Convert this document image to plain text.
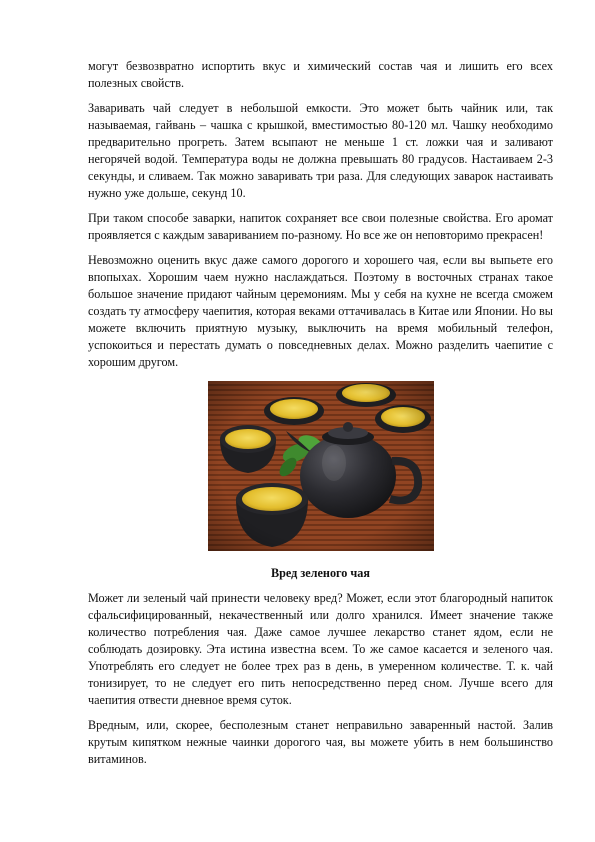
могут безвозвратно испортить вкус и химический состав чая и лишить его всех полезных свойств.

Заваривать чай следует в небольшой емкости. Это может быть чайник или, так называемая, гайвань – чашка с крышкой, вместимостью 80-120 мл. Чашку необходимо предварительно прогреть. Затем всыпают не меньше 1 ст. ложки чая и заливают негорячей водой. Температура воды не должна превышать 80 градусов. Настаиваем 2-3 секунды, и сливаем. Так можно заваривать три раза. Для следующих заварок настаивать нужно уже дольше, секунд 10.

При таком способе заварки, напиток сохраняет все свои полезные свойства. Его аромат проявляется с каждым завариванием по-разному. Но все же он неповторимо прекрасен!

Невозможно оценить вкус даже самого дорогого и хорошего чая, если вы выпьете его впопыхах. Хорошим чаем нужно наслаждаться. Поэтому в восточных странах такое большое значение придают чайным церемониям. Мы у себя на кухне не всегда сможем создать ту атмосферу чаепития, которая веками оттачивалась в Китае или Японии. Но вы можете включить приятную музыку, выключить на время мобильный телефон, успокоиться и перестать думать о повседневных делах. Можно разделить чаепитие с хорошим другом.

Вред зеленого чая

Может ли зеленый чай принести человеку вред? Может, если этот благородный напиток сфальсифицированный, некачественный или долго хранился. Имеет значение также количество потребления чая. Даже самое лучшее лекарство станет ядом, если не соблюдать дозировку. Эта истина известна всем. То же самое касается и зеленого чая. Употреблять его следует не более трех раз в день, в умеренном количестве. Т. к. чай тонизирует, то не следует его пить непосредственно перед сном. Лучше всего для чаепития отвести дневное время суток.

Вредным, или, скорее, бесполезным станет неправильно заваренный настой. Залив крутым кипятком нежные чаинки дорогого чая, вы можете убить в нем большинство витаминов.
